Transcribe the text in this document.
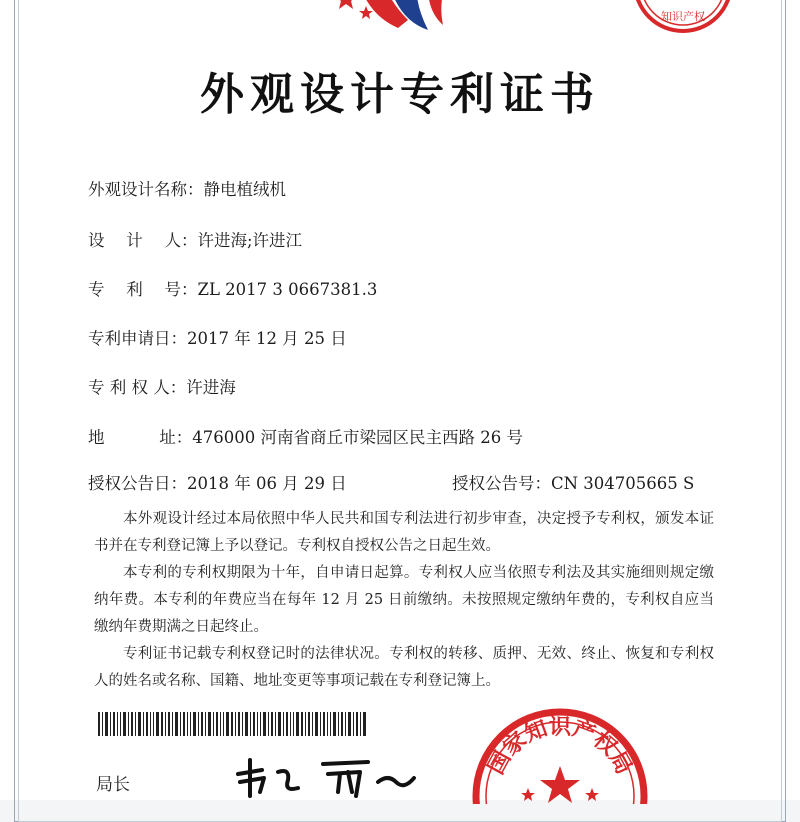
知识产权
外观设计专利证书
外观设计名称：静电植绒机
设　 计　 人：许进海;许进江
专　 利　 号：ZL 2017 3 0667381.3
专利申请日：2017 年 12 月 25 日
专 利 权 人：许进海
地　　　 址：476000 河南省商丘市梁园区民主西路 26 号
授权公告日：2018 年 06 月 29 日	授权公告号：CN 304705665 S

本外观设计经过本局依照中华人民共和国专利法进行初步审查，决定授予专利权，颁发本证书并在专利登记簿上予以登记。专利权自授权公告之日起生效。

本专利的专利权期限为十年，自申请日起算。专利权人应当依照专利法及其实施细则规定缴纳年费。本专利的年费应当在每年 12 月 25 日前缴纳。未按照规定缴纳年费的，专利权自应当缴纳年费期满之日起终止。

专利证书记载专利权登记时的法律状况。专利权的转移、质押、无效、终止、恢复和专利权人的姓名或名称、国籍、地址变更等事项记载在专利登记簿上。

局长
国家知识产权局
